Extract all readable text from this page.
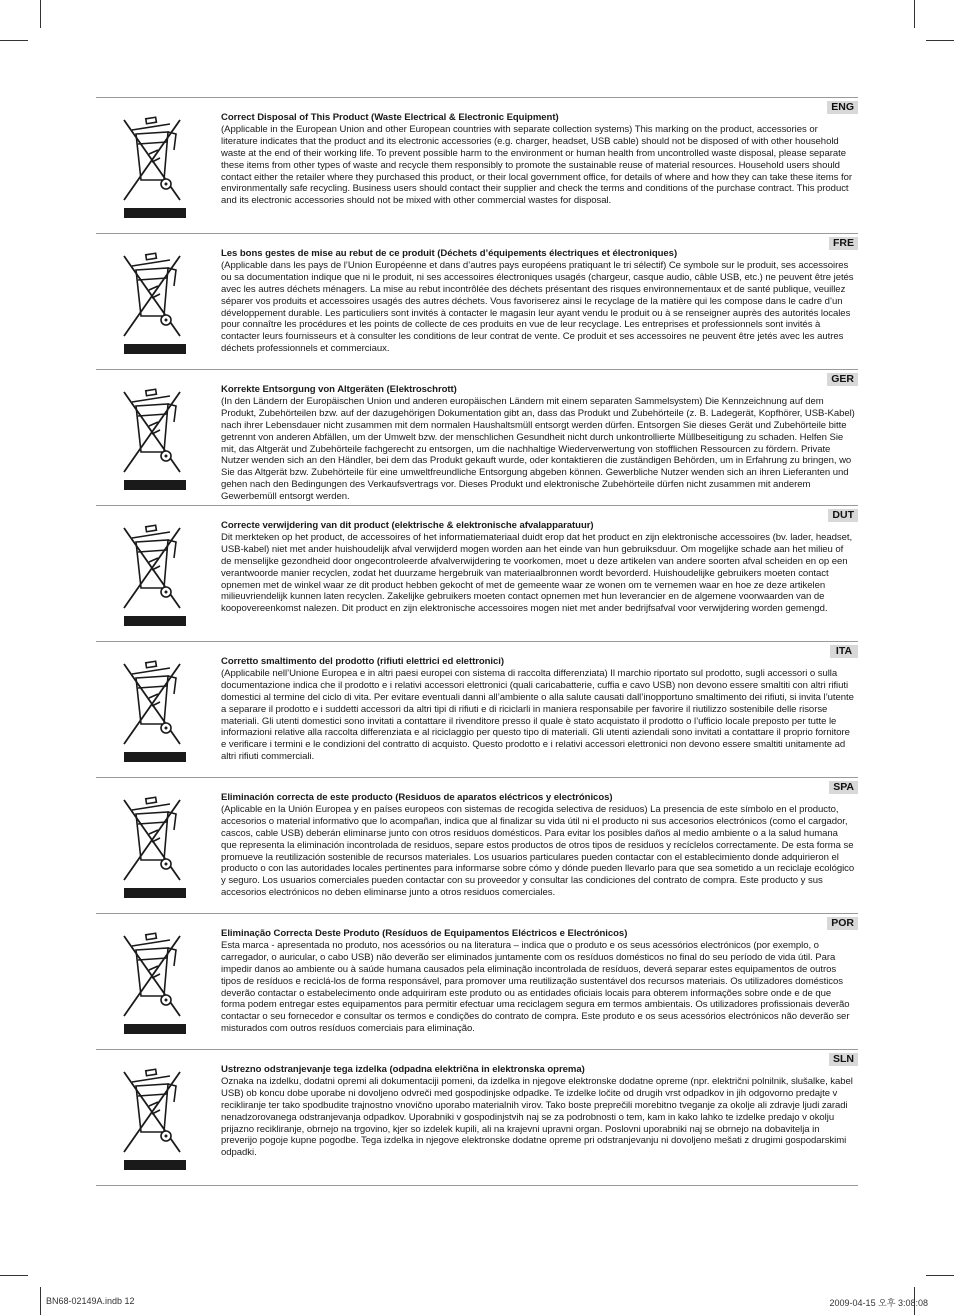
ENG
Correct Disposal of This Product (Waste Electrical & Electronic Equipment)
(Applicable in the European Union and other European countries with separate collection systems) This marking on the product, accessories or literature indicates that the product and its electronic accessories (e.g. charger, headset, USB cable) should not be disposed of with other household waste at the end of their working life. To prevent possible harm to the environment or human health from uncontrolled waste disposal, please separate these items from other types of waste and recycle them responsibly to promote the sustainable reuse of material resources. Household users should contact either the retailer where they purchased this product, or their local government office, for details of where and how they can take these items for environmentally safe recycling. Business users should contact their supplier and check the terms and conditions of the purchase contract. This product and its electronic accessories should not be mixed with other commercial wastes for disposal.
FRE
Les bons gestes de mise au rebut de ce produit (Déchets d’équipements électriques et électroniques)
(Applicable dans les pays de l’Union Européenne et dans d’autres pays européens pratiquant le tri sélectif) Ce symbole sur le produit, ses accessoires ou sa documentation indique que ni le produit, ni ses accessoires électroniques usagés (chargeur, casque audio, câble USB, etc.) ne peuvent être jetés avec les autres déchets ménagers. La mise au rebut incontrôlée des déchets présentant des risques environnementaux et de santé publique, veuillez séparer vos produits et accessoires usagés des autres déchets. Vous favoriserez ainsi le recyclage de la matière qui les compose dans le cadre d’un développement durable. Les particuliers sont invités à contacter le magasin leur ayant vendu le produit ou à se renseigner auprès des autorités locales pour connaître les procédures et les points de collecte de ces produits en vue de leur recyclage. Les entreprises et professionnels sont invités à contacter leurs fournisseurs et à consulter les conditions de leur contrat de vente. Ce produit et ses accessoires ne peuvent être jetés avec les autres déchets professionnels et commerciaux.
GER
Korrekte Entsorgung von Altgeräten (Elektroschrott)
(In den Ländern der Europäischen Union und anderen europäischen Ländern mit einem separaten Sammelsystem) Die Kennzeichnung auf dem Produkt, Zubehörteilen bzw. auf der dazugehörigen Dokumentation gibt an, dass das Produkt und Zubehörteile (z. B. Ladegerät, Kopfhörer, USB-Kabel) nach ihrer Lebensdauer nicht zusammen mit dem normalen Haushaltsmüll entsorgt werden dürfen. Entsorgen Sie dieses Gerät und Zubehörteile bitte getrennt von anderen Abfällen, um der Umwelt bzw. der menschlichen Gesundheit nicht durch unkontrollierte Müllbeseitigung zu schaden. Helfen Sie mit, das Altgerät und Zubehörteile fachgerecht zu entsorgen, um die nachhaltige Wiederverwertung von stofflichen Ressourcen zu fördern. Private Nutzer wenden sich an den Händler, bei dem das Produkt gekauft wurde, oder kontaktieren die zuständigen Behörden, um in Erfahrung zu bringen, wo Sie das Altgerät bzw. Zubehörteile für eine umweltfreundliche Entsorgung abgeben können. Gewerbliche Nutzer wenden sich an ihren Lieferanten und gehen nach den Bedingungen des Verkaufsvertrags vor. Dieses Produkt und elektronische Zubehörteile dürfen nicht zusammen mit anderem Gewerbemüll entsorgt werden.
DUT
Correcte verwijdering van dit product (elektrische & elektronische afvalapparatuur)
Dit merkteken op het product, de accessoires of het informatiemateriaal duidt erop dat het product en zijn elektronische accessoires (bv. lader, headset, USB-kabel) niet met ander huishoudelijk afval verwijderd mogen worden aan het einde van hun gebruiksduur. Om mogelijke schade aan het milieu of de menselijke gezondheid door ongecontroleerde afvalverwijdering te voorkomen, moet u deze artikelen van andere soorten afval scheiden en op een verantwoorde manier recyclen, zodat het duurzame hergebruik van materiaalbronnen wordt bevorderd. Huishoudelijke gebruikers moeten contact opnemen met de winkel waar ze dit product hebben gekocht of met de gemeente waar ze wonen om te vernemen waar en hoe ze deze artikelen milieuvriendelijk kunnen laten recyclen. Zakelijke gebruikers moeten contact opnemen met hun leverancier en de algemene voorwaarden van de koopovereenkomst nalezen. Dit product en zijn elektronische accessoires mogen niet met ander bedrijfsafval voor verwijdering worden gemengd.
ITA
Corretto smaltimento del prodotto (rifiuti elettrici ed elettronici)
(Applicabile nell’Unione Europea e in altri paesi europei con sistema di raccolta differenziata) Il marchio riportato sul prodotto, sugli accessori o sulla documentazione indica che il prodotto e i relativi accessori elettronici (quali caricabatterie, cuffia e cavo USB) non devono essere smaltiti con altri rifiuti domestici al termine del ciclo di vita. Per evitare eventuali danni all’ambiente o alla salute causati dall’inopportuno smaltimento dei rifiuti, si invita l’utente a separare il prodotto e i suddetti accessori da altri tipi di rifiuti e di riciclarli in maniera responsabile per favorire il riutilizzo sostenibile delle risorse materiali. Gli utenti domestici sono invitati a contattare il rivenditore presso il quale è stato acquistato il prodotto o l’ufficio locale preposto per tutte le informazioni relative alla raccolta differenziata e al riciclaggio per questo tipo di materiali. Gli utenti aziendali sono invitati a contattare il proprio fornitore e verificare i termini e le condizioni del contratto di acquisto. Questo prodotto e i relativi accessori elettronici non devono essere smaltiti unitamente ad altri rifiuti commerciali.
SPA
Eliminación correcta de este producto (Residuos de aparatos eléctricos y electrónicos)
(Aplicable en la Unión Europea y en países europeos con sistemas de recogida selectiva de residuos) La presencia de este símbolo en el producto, accesorios o material informativo que lo acompañan, indica que al finalizar su vida útil ni el producto ni sus accesorios electrónicos (como el cargador, cascos, cable USB) deberán eliminarse junto con otros residuos domésticos. Para evitar los posibles daños al medio ambiente o a la salud humana que representa la eliminación incontrolada de residuos, separe estos productos de otros tipos de residuos y recíclelos correctamente. De esta forma se promueve la reutilización sostenible de recursos materiales. Los usuarios particulares pueden contactar con el establecimiento donde adquirieron el producto o con las autoridades locales pertinentes para informarse sobre cómo y dónde pueden llevarlo para que sea sometido a un reciclaje ecológico y seguro. Los usuarios comerciales pueden contactar con su proveedor y consultar las condiciones del contrato de compra. Este producto y sus accesorios electrónicos no deben eliminarse junto a otros residuos comerciales.
POR
Eliminação Correcta Deste Produto (Resíduos de Equipamentos Eléctricos e Electrónicos)
Esta marca - apresentada no produto, nos acessórios ou na literatura – indica que o produto e os seus acessórios electrónicos (por exemplo, o carregador, o auricular, o cabo USB) não deverão ser eliminados juntamente com os resíduos domésticos no final do seu período de vida útil. Para impedir danos ao ambiente ou à saúde humana causados pela eliminação incontrolada de resíduos, deverá separar estes equipamentos de outros tipos de resíduos e reciclá-los de forma responsável, para promover uma reutilização sustentável dos recursos materiais. Os utilizadores domésticos deverão contactar o estabelecimento onde adquiriram este produto ou as entidades oficiais locais para obterem informações sobre onde e de que forma podem entregar estes equipamentos para permitir efectuar uma reciclagem segura em termos ambientais. Os utilizadores profissionais deverão contactar o seu fornecedor e consultar os termos e condições do contrato de compra. Este produto e os seus acessórios electrónicos não deverão ser misturados com outros resíduos comerciais para eliminação.
SLN
Ustrezno odstranjevanje tega izdelka (odpadna električna in elektronska oprema)
Oznaka na izdelku, dodatni opremi ali dokumentaciji pomeni, da izdelka in njegove elektronske dodatne opreme (npr. električni polnilnik, slušalke, kabel USB) ob koncu dobe uporabe ni dovoljeno odvreči med gospodinjske odpadke. Te izdelke ločite od drugih vrst odpadkov in jih odgovorno predajte v recikliranje ter tako spodbudite trajnostno vnovično uporabo materialnih virov. Tako boste preprečili morebitno tveganje za okolje ali zdravje ljudi zaradi nenadzorovanega odstranjevanja odpadkov. Uporabniki v gospodinjstvih naj se za podrobnosti o tem, kam in kako lahko te izdelke predajo v okolju prijazno recikliranje, obrnejo na trgovino, kjer so izdelek kupili, ali na krajevni upravni organ. Poslovni uporabniki naj se obrnejo na dobavitelja in preverijo pogoje kupne pogodbe. Tega izdelka in njegove elektronske dodatne opreme pri odstranjevanju ni dovoljeno mešati z drugimi gospodarskimi odpadki.
BN68-02149A.indb 12	2009-04-15 오후 3:08:08
